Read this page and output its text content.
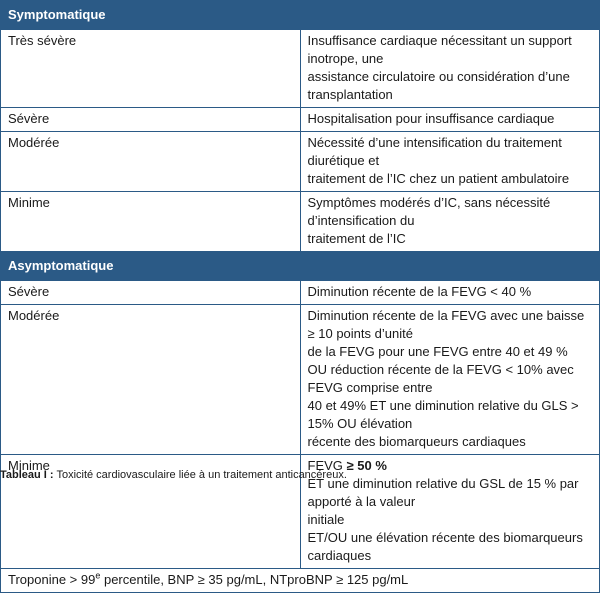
Symptomatique	
Très sévère	Insuffisance cardiaque nécessitant un support inotrope, une
assistance circulatoire ou considération d’une transplantation

Sévère	Hospitalisation pour insuffisance cardiaque

Modérée	Nécessité d’une intensification du traitement diurétique et
traitement de l’IC chez un patient ambulatoire

Minime	Symptômes modérés d’IC, sans nécessité d’intensification du
traitement de l’IC

Asymptomatique	
Sévère	Diminution récente de la FEVG < 40 %

Modérée	Diminution récente de la FEVG avec une baisse ≥ 10 points d’unité
de la FEVG pour une FEVG entre 40 et 49 %
OU réduction récente de la FEVG < 10% avec FEVG comprise entre
40 et 49% ET une diminution relative du GLS > 15% OU élévation
récente des biomarqueurs cardiaques

Minime	FEVG ≥ 50 %
ET une diminution relative du GSL de 15 % par apporté à la valeur
initiale
ET/OU une élévation récente des biomarqueurs cardiaques

Troponine > $99^e$ percentile, BNP ≥ 35 pg/mL, NTproBNP ≥ 125 pg/mL	
Tableau I : Toxicité cardiovasculaire liée à un traitement anticancéreux.
